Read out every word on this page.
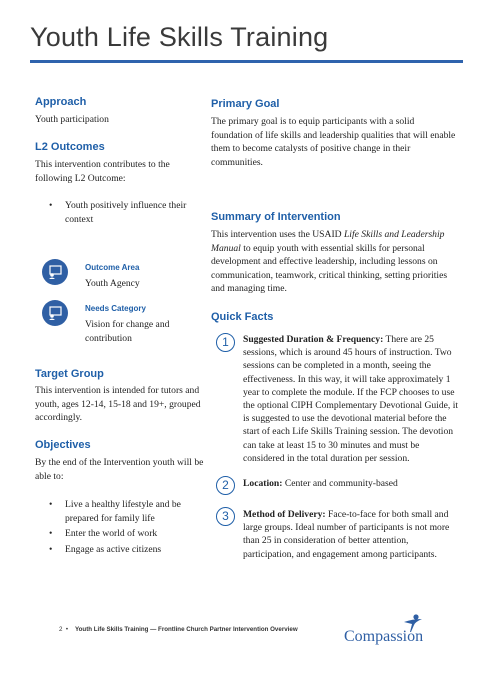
Youth Life Skills Training
Approach
Youth participation
L2 Outcomes
This intervention contributes to the following L2 Outcome:
• Youth positively influence their context
Outcome Area
Youth Agency
Needs Category
Vision for change and contribution
Target Group
This intervention is intended for tutors and youth, ages 12-14, 15-18 and 19+, grouped accordingly.
Objectives
By the end of the Intervention youth will be able to:
• Live a healthy lifestyle and be prepared for family life
• Enter the world of work
• Engage as active citizens
Primary Goal
The primary goal is to equip participants with a solid foundation of life skills and leadership qualities that will enable them to become catalysts of positive change in their communities.
Summary of Intervention
This intervention uses the USAID Life Skills and Leadership Manual to equip youth with essential skills for personal development and effective leadership, including lessons on communication, teamwork, critical thinking, setting priorities and managing time.
Quick Facts
1	Suggested Duration & Frequency: There are 25 sessions, which is around 45 hours of instruction. Two sessions can be completed in a month, seeing the effectiveness. In this way, it will take approximately 1 year to complete the module. If the FCP chooses to use the optional CIPH Complementary Devotional Guide, it is suggested to use the devotional material before the start of each Life Skills Training session. The devotion can take at least 15 to 30 minutes and must be considered in the total duration per session.
2	Location: Center and community-based
3	Method of Delivery: Face-to-face for both small and large groups. Ideal number of participants is not more than 25 in consideration of better attention, participation, and engagement among participants.
2 • Youth Life Skills Training — Frontline Church Partner Intervention Overview	Compassion
